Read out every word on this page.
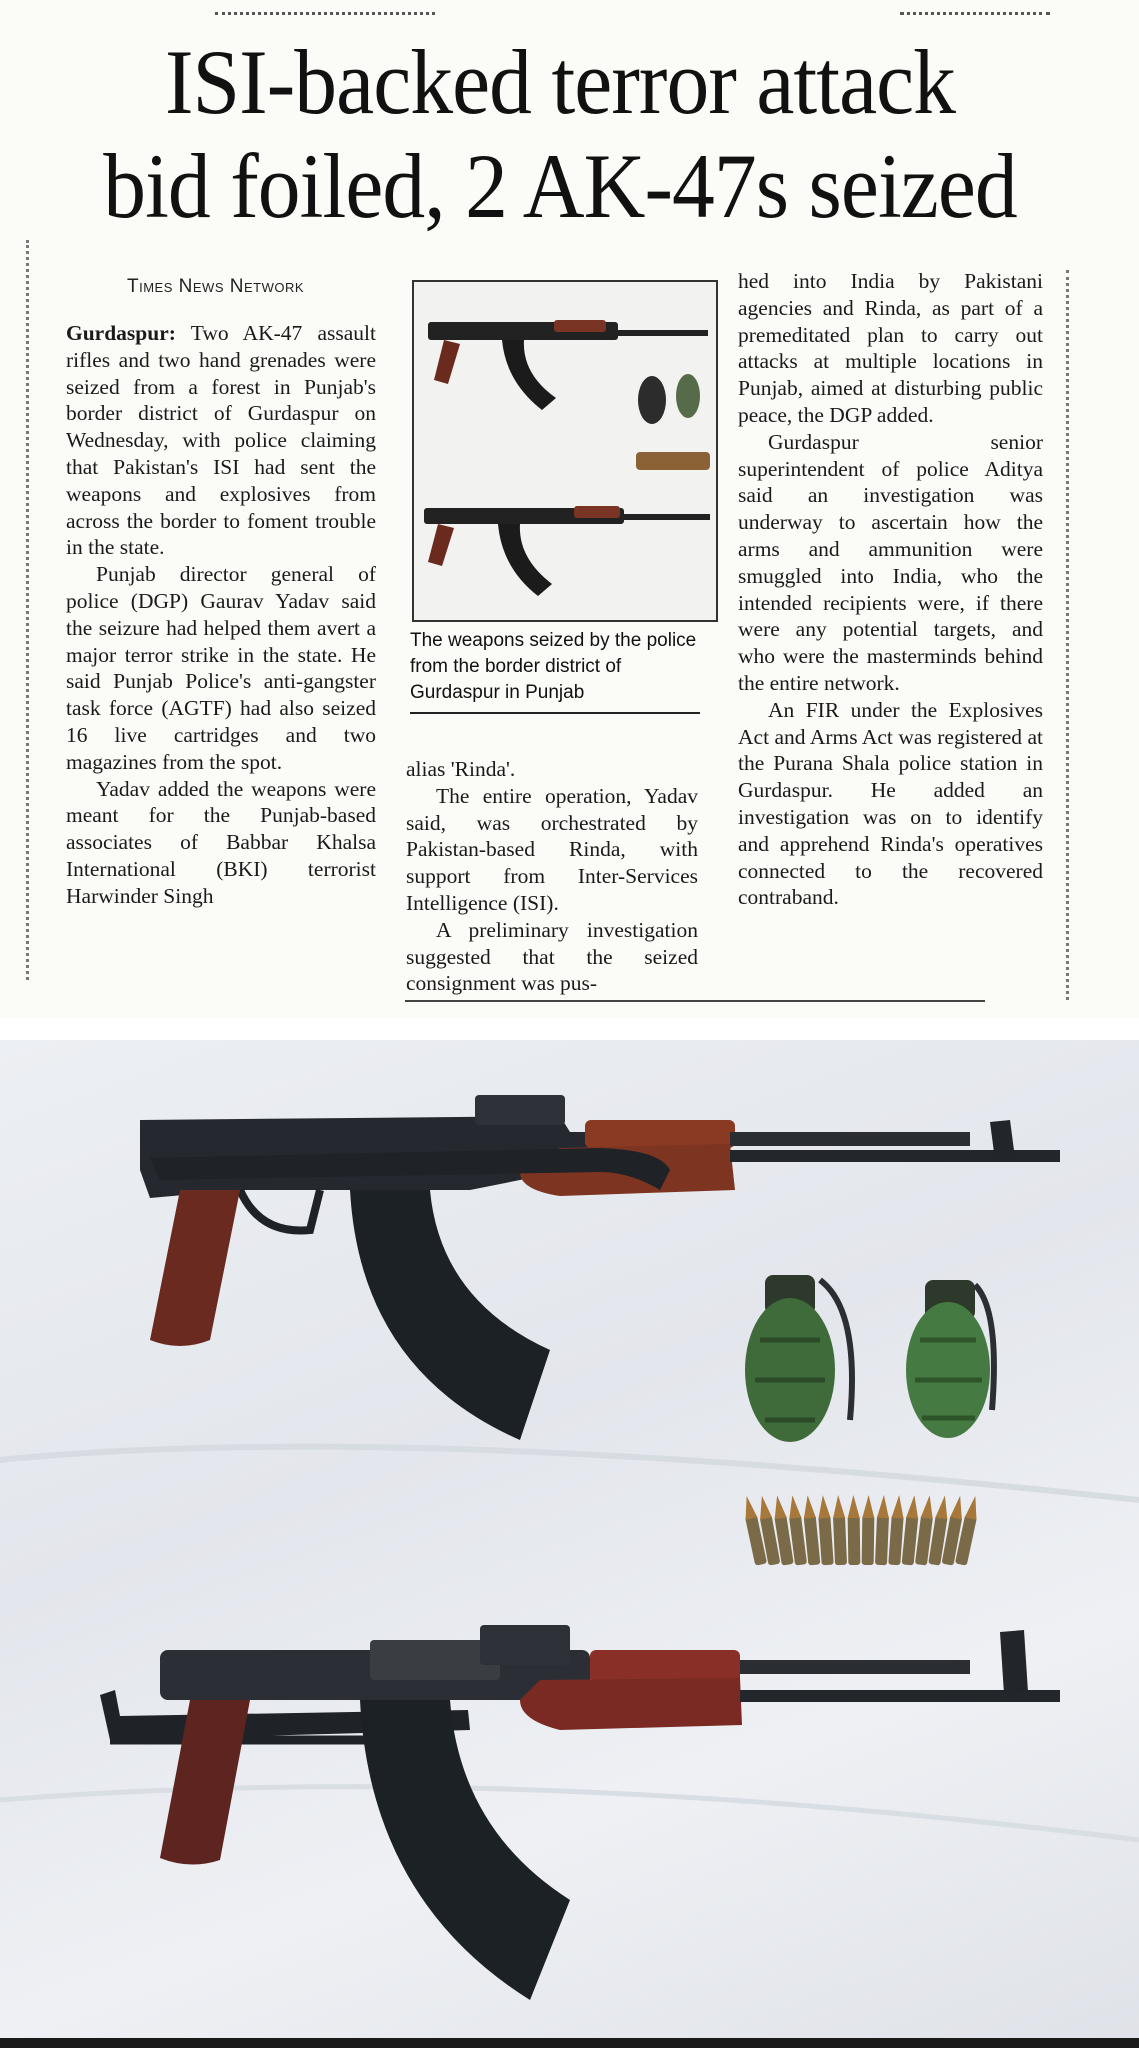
ISI-backed terror attack
bid foiled, 2 AK-47s seized
Times News Network

Gurdaspur: Two AK-47 assault rifles and two hand grenades were seized from a forest in Punjab's border district of Gurdaspur on Wednesday, with police claiming that Pakistan's ISI had sent the weapons and explosives from across the border to foment trouble in the state.

Punjab director general of police (DGP) Gaurav Yadav said the seizure had helped them avert a major terror strike in the state. He said Punjab Police's anti-gangster task force (AGTF) had also seized 16 live cartridges and two magazines from the spot.

Yadav added the weapons were meant for the Punjab-based associates of Babbar Khalsa International (BKI) terrorist Harwinder Singh

The weapons seized by the police from the border district of Gurdaspur in Punjab

alias 'Rinda'.

The entire operation, Yadav said, was orchestrated by Pakistan-based Rinda, with support from Inter-Services Intelligence (ISI).

A preliminary investigation suggested that the seized consignment was pus-

hed into India by Pakistani agencies and Rinda, as part of a premeditated plan to carry out attacks at multiple locations in Punjab, aimed at disturbing public peace, the DGP added.

Gurdaspur senior superintendent of police Aditya said an investigation was underway to ascertain how the arms and ammunition were smuggled into India, who the intended recipients were, if there were any potential targets, and who were the masterminds behind the entire network.

An FIR under the Explosives Act and Arms Act was registered at the Purana Shala police station in Gurdaspur. He added an investigation was on to identify and apprehend Rinda's operatives connected to the recovered contraband.
